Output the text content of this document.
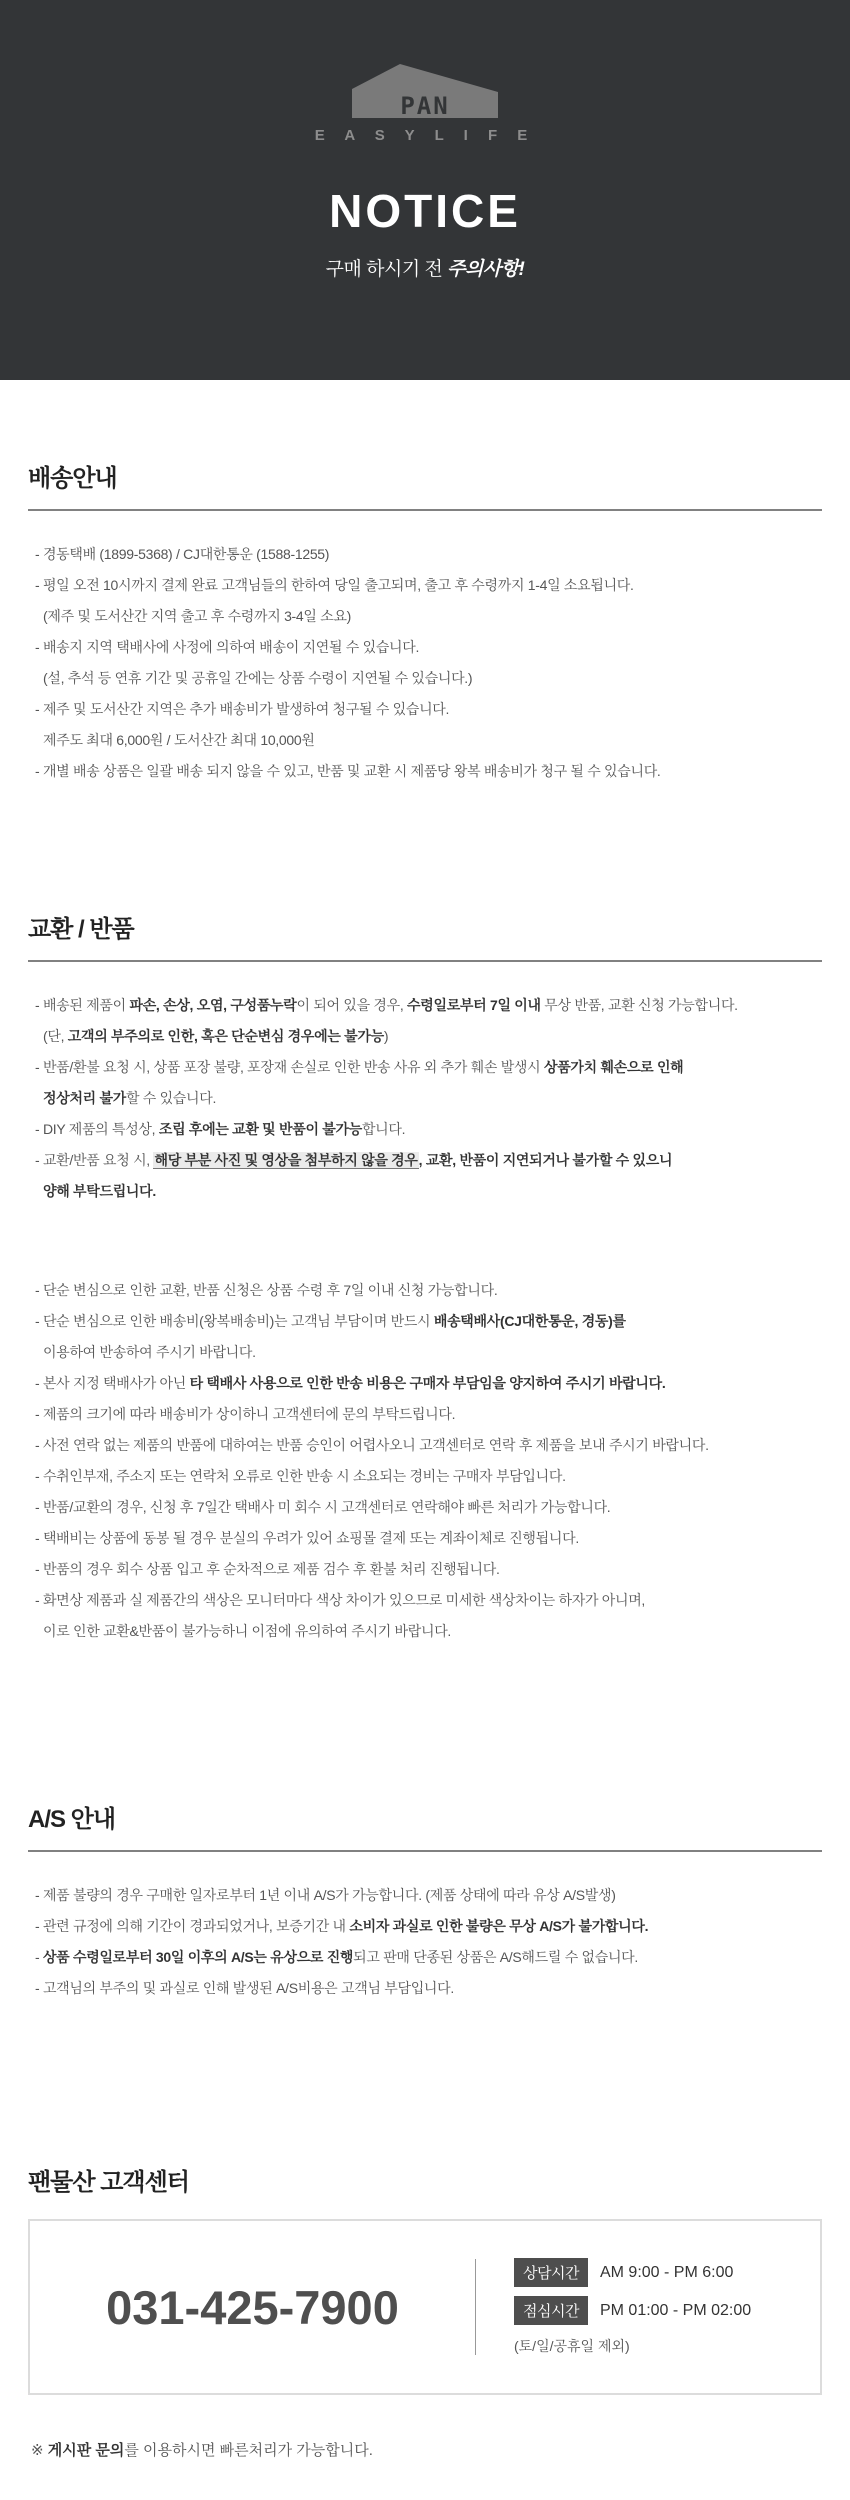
PAN
E A S Y L I F E
NOTICE
구매 하시기 전 주의사항!
배송안내
- 경동택배 (1899-5368) / CJ대한통운 (1588-1255)
- 평일 오전 10시까지 결제 완료 고객님들의 한하여 당일 출고되며, 출고 후 수령까지 1-4일 소요됩니다.
(제주 및 도서산간 지역 출고 후 수령까지 3-4일 소요)
- 배송지 지역 택배사에 사정에 의하여 배송이 지연될 수 있습니다.
(설, 추석 등 연휴 기간 및 공휴일 간에는 상품 수령이 지연될 수 있습니다.)
- 제주 및 도서산간 지역은 추가 배송비가 발생하여 청구될 수 있습니다.
제주도 최대 6,000원 / 도서산간 최대 10,000원
- 개별 배송 상품은 일괄 배송 되지 않을 수 있고, 반품 및 교환 시 제품당 왕복 배송비가 청구 될 수 있습니다.
교환 / 반품
- 배송된 제품이 파손, 손상, 오염, 구성품누락이 되어 있을 경우, 수령일로부터 7일 이내 무상 반품, 교환 신청 가능합니다.
(단, 고객의 부주의로 인한, 혹은 단순변심 경우에는 불가능)
- 반품/환불 요청 시, 상품 포장 불량, 포장재 손실로 인한 반송 사유 외 추가 훼손 발생시 상품가치 훼손으로 인해
정상처리 불가할 수 있습니다.
- DIY 제품의 특성상, 조립 후에는 교환 및 반품이 불가능합니다.
- 교환/반품 요청 시, 해당 부분 사진 및 영상을 첨부하지 않을 경우, 교환, 반품이 지연되거나 불가할 수 있으니
양해 부탁드립니다.
- 단순 변심으로 인한 교환, 반품 신청은 상품 수령 후 7일 이내 신청 가능합니다.
- 단순 변심으로 인한 배송비(왕복배송비)는 고객님 부담이며 반드시 배송택배사(CJ대한통운, 경동)를
이용하여 반송하여 주시기 바랍니다.
- 본사 지정 택배사가 아닌 타 택배사 사용으로 인한 반송 비용은 구매자 부담임을 양지하여 주시기 바랍니다.
- 제품의 크기에 따라 배송비가 상이하니 고객센터에 문의 부탁드립니다.
- 사전 연락 없는 제품의 반품에 대하여는 반품 승인이 어렵사오니 고객센터로 연락 후 제품을 보내 주시기 바랍니다.
- 수취인부재, 주소지 또는 연락처 오류로 인한 반송 시 소요되는 경비는 구매자 부담입니다.
- 반품/교환의 경우, 신청 후 7일간 택배사 미 회수 시 고객센터로 연락해야 빠른 처리가 가능합니다.
- 택배비는 상품에 동봉 될 경우 분실의 우려가 있어 쇼핑몰 결제 또는 계좌이체로 진행됩니다.
- 반품의 경우 회수 상품 입고 후 순차적으로 제품 검수 후 환불 처리 진행됩니다.
- 화면상 제품과 실 제품간의 색상은 모니터마다 색상 차이가 있으므로 미세한 색상차이는 하자가 아니며,
이로 인한 교환&반품이 불가능하니 이점에 유의하여 주시기 바랍니다.
A/S 안내
- 제품 불량의 경우 구매한 일자로부터 1년 이내 A/S가 가능합니다. (제품 상태에 따라 유상 A/S발생)
- 관련 규정에 의해 기간이 경과되었거나, 보증기간 내 소비자 과실로 인한 불량은 무상 A/S가 불가합니다.
- 상품 수령일로부터 30일 이후의 A/S는 유상으로 진행되고 판매 단종된 상품은 A/S해드릴 수 없습니다.
- 고객님의 부주의 및 과실로 인해 발생된 A/S비용은 고객님 부담입니다.
팬물산 고객센터
031-425-7900
상담시간	AM 9:00 - PM 6:00
점심시간	PM 01:00 - PM 02:00
(토/일/공휴일 제외)
※ 게시판 문의를 이용하시면 빠른처리가 가능합니다.
